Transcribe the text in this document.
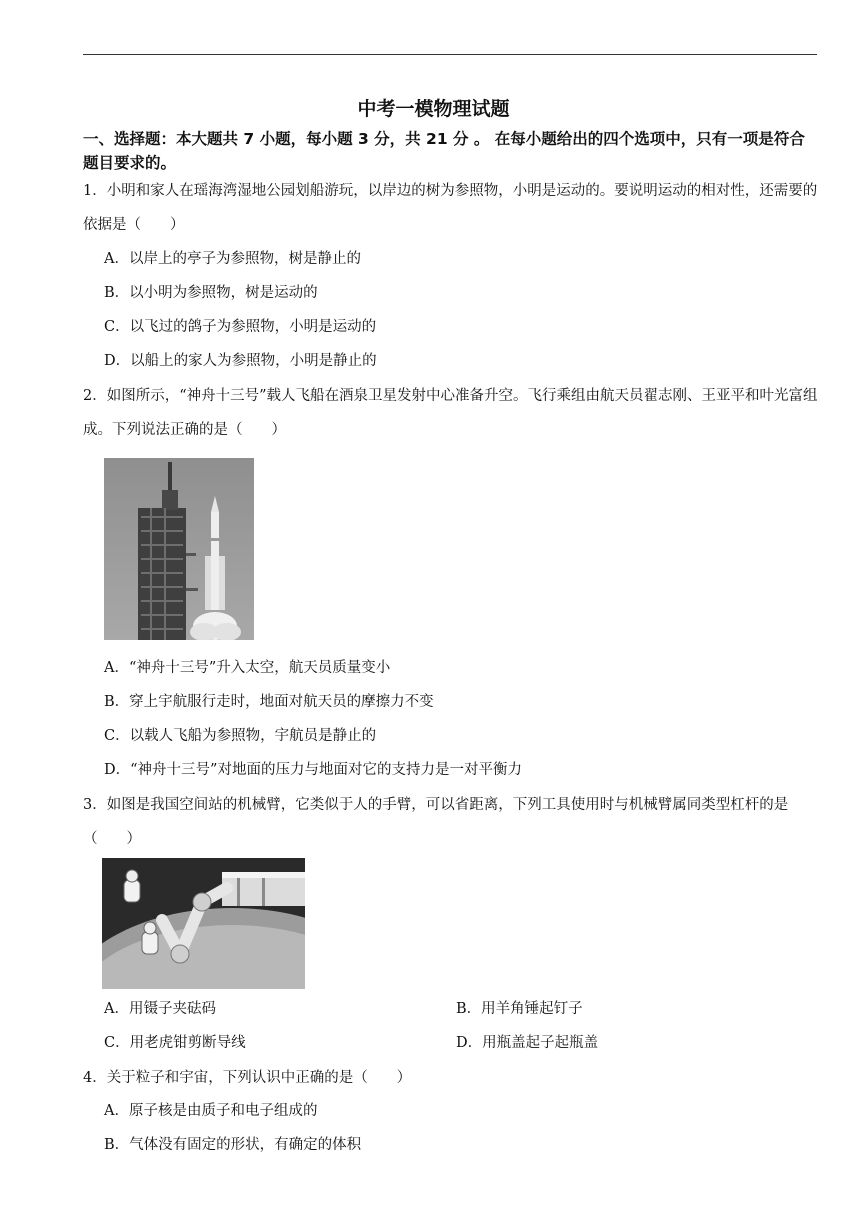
中考一模物理试题
一、选择题：本大题共 7 小题，每小题 3 分，共 21 分 。 在每小题给出的四个选项中，只有一项是符合题目要求的。
1．小明和家人在瑶海湾湿地公园划船游玩，以岸边的树为参照物，小明是运动的。要说明运动的相对性，还需要的依据是（　　）
A．以岸上的亭子为参照物，树是静止的
B．以小明为参照物，树是运动的
C．以飞过的鸽子为参照物，小明是运动的
D．以船上的家人为参照物，小明是静止的
2．如图所示，“神舟十三号”载人飞船在酒泉卫星发射中心准备升空。飞行乘组由航天员翟志刚、王亚平和叶光富组成。下列说法正确的是（　　）
A．“神舟十三号”升入太空，航天员质量变小
B．穿上宇航服行走时，地面对航天员的摩擦力不变
C．以载人飞船为参照物，宇航员是静止的
D．“神舟十三号”对地面的压力与地面对它的支持力是一对平衡力
3．如图是我国空间站的机械臂，它类似于人的手臂，可以省距离，下列工具使用时与机械臂属同类型杠杆的是（　　）
A．用镊子夹砝码	B．用羊角锤起钉子
C．用老虎钳剪断导线	D．用瓶盖起子起瓶盖
4．关于粒子和宇宙，下列认识中正确的是（　　）
A．原子核是由质子和电子组成的
B．气体没有固定的形状，有确定的体积
